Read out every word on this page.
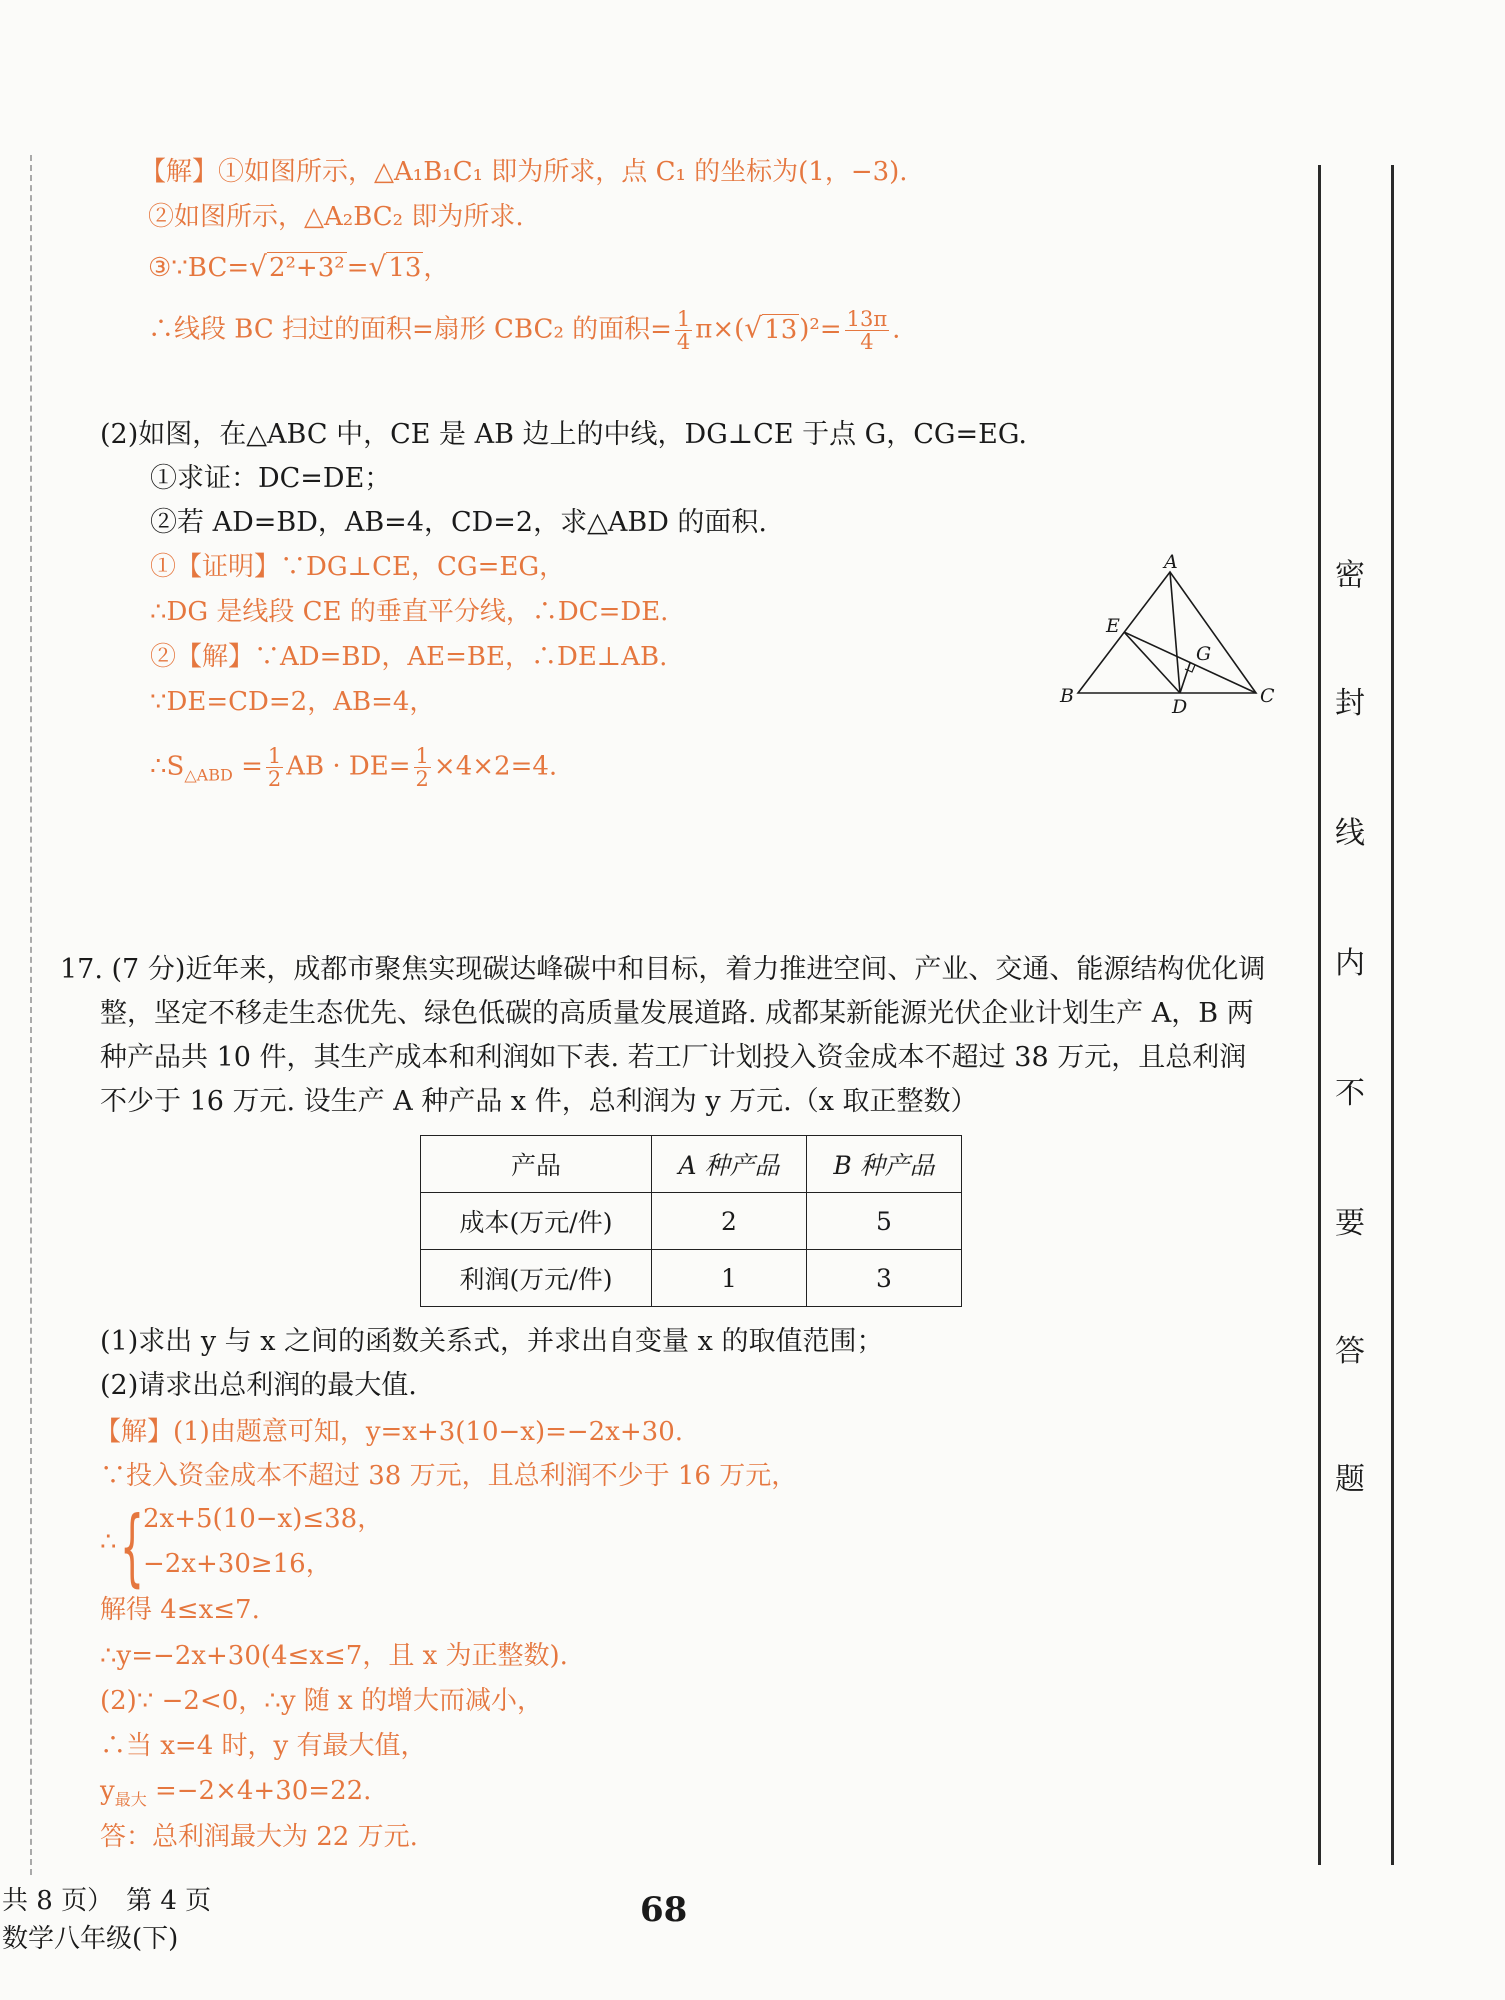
密
封
线
内
不
要
答
题
【解】①如图所示，△A₁B₁C₁ 即为所求，点 C₁ 的坐标为(1，−3).
②如图所示，△A₂BC₂ 即为所求.
③∵BC=√2²+3²=√13，
∴线段 BC 扫过的面积=扇形 CBC₂ 的面积= $\frac{1}{4} \pi\times(√13)^2= \frac{13\pi}{4}$ .
(2)如图，在△ABC 中，CE 是 AB 边上的中线，DG⊥CE 于点 G，CG=EG.
①求证：DC=DE；
②若 AD=BD，AB=4，CD=2，求△ABD 的面积.
①【证明】∵DG⊥CE，CG=EG，
∴DG 是线段 CE 的垂直平分线，∴DC=DE.
②【解】∵AD=BD，AE=BE，∴DE⊥AB.
∵DE=CD=2，AB=4，
$\therefore S_{\triangle ABD} = \frac{1}{2}$ AB · $DE= \frac{1}{2} \times 4\times 2=4$.
A
B	C
D
E
G
17. (7 分)近年来，成都市聚焦实现碳达峰碳中和目标，着力推进空间、产业、交通、能源结构优化调
整，坚定不移走生态优先、绿色低碳的高质量发展道路. 成都某新能源光伏企业计划生产 A，B 两
种产品共 10 件，其生产成本和利润如下表. 若工厂计划投入资金成本不超过 38 万元，且总利润
不少于 16 万元. 设生产 A 种产品 x 件，总利润为 y 万元.（x 取正整数）
产品	A 种产品	B 种产品
成本(万元/件)	2	5
利润(万元/件)	1	3
(1)求出 y 与 x 之间的函数关系式，并求出自变量 x 的取值范围；
(2)请求出总利润的最大值.
【解】(1)由题意可知，y=x+3(10−x)=−2x+30.
∵投入资金成本不超过 38 万元，且总利润不少于 16 万元，
∴ {
2x+5(10−x)≤38，
−2x+30≥16，
解得 4≤x≤7.
∴y=−2x+30(4≤x≤7，且 x 为正整数).
(2)∵ −2<0，∴y 随 x 的增大而减小，
∴当 x=4 时，y 有最大值，
$y_{最大} =-2\times 4+30=22$.
答：总利润最大为 22 万元.
共 8 页）　第 4 页
数学八年级(下)
68
